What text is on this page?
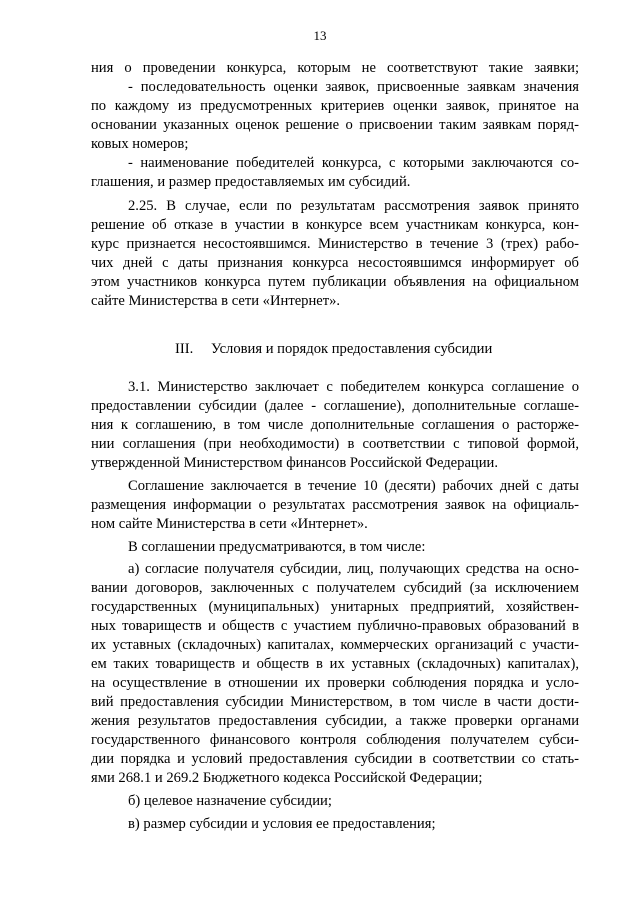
13
ния о проведении конкурса, которым не соответствуют такие заявки;
- последовательность оценки заявок, присвоенные заявкам значения
по каждому из предусмотренных критериев оценки заявок, принятое на
основании указанных оценок решение о присвоении таким заявкам поряд-
ковых номеров;
- наименование победителей конкурса, с которыми заключаются со-
глашения, и размер предоставляемых им субсидий.
2.25. В случае, если по результатам рассмотрения заявок принято
решение об отказе в участии в конкурсе всем участникам конкурса, кон-
курс признается несостоявшимся. Министерство в течение 3 (трех) рабо-
чих дней с даты признания конкурса несостоявшимся информирует об
этом участников конкурса путем публикации объявления на официальном
сайте Министерства в сети «Интернет».
III. Условия и порядок предоставления субсидии
3.1. Министерство заключает с победителем конкурса соглашение о
предоставлении субсидии (далее - соглашение), дополнительные соглаше-
ния к соглашению, в том числе дополнительные соглашения о расторже-
нии соглашения (при необходимости) в соответствии с типовой формой,
утвержденной Министерством финансов Российской Федерации.
Соглашение заключается в течение 10 (десяти) рабочих дней с даты
размещения информации о результатах рассмотрения заявок на официаль-
ном сайте Министерства в сети «Интернет».
В соглашении предусматриваются, в том числе:
а) согласие получателя субсидии, лиц, получающих средства на осно-
вании договоров, заключенных с получателем субсидий (за исключением
государственных (муниципальных) унитарных предприятий, хозяйствен-
ных товариществ и обществ с участием публично-правовых образований в
их уставных (складочных) капиталах, коммерческих организаций с участи-
ем таких товариществ и обществ в их уставных (складочных) капиталах),
на осуществление в отношении их проверки соблюдения порядка и усло-
вий предоставления субсидии Министерством, в том числе в части дости-
жения результатов предоставления субсидии, а также проверки органами
государственного финансового контроля соблюдения получателем субси-
дии порядка и условий предоставления субсидии в соответствии со стать-
ями 268.1 и 269.2 Бюджетного кодекса Российской Федерации;
б) целевое назначение субсидии;
в) размер субсидии и условия ее предоставления;
